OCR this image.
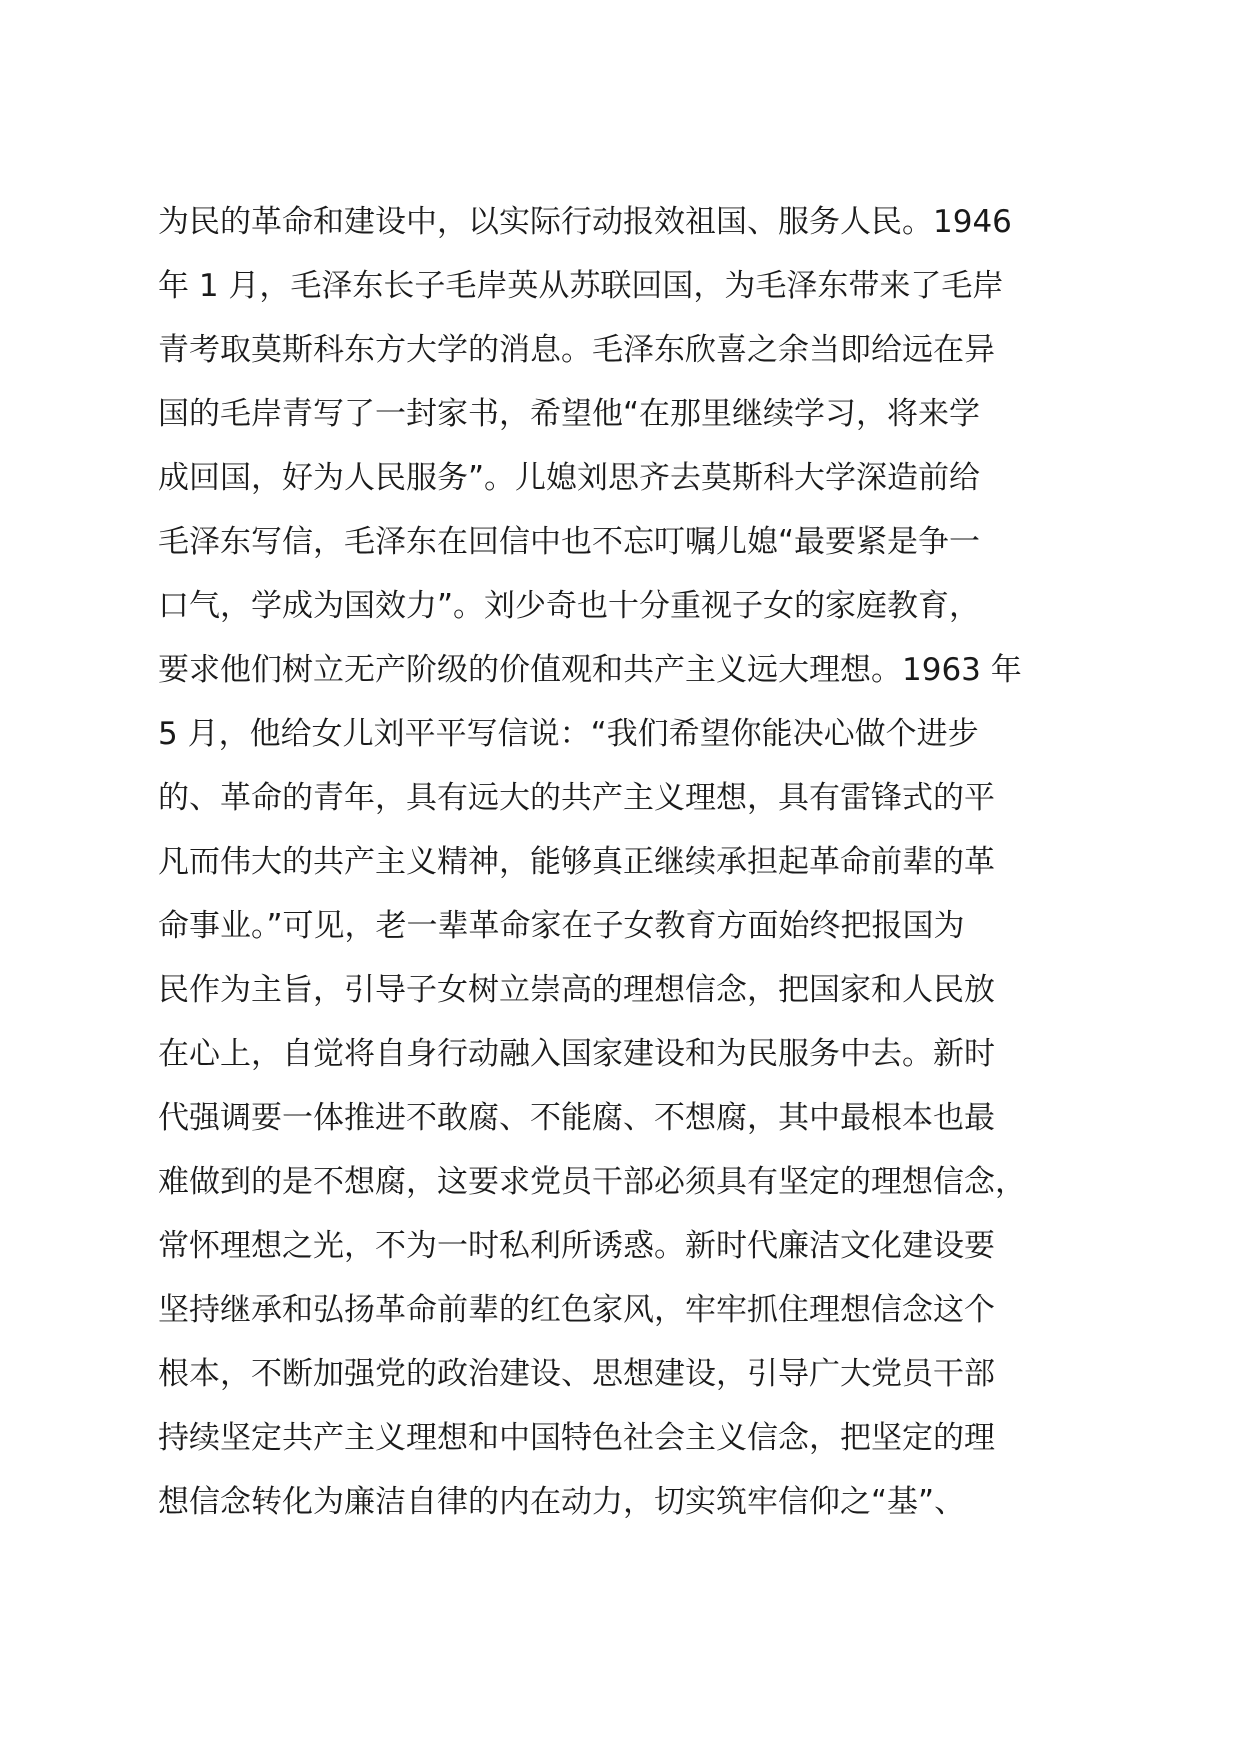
为民的革命和建设中，以实际行动报效祖国、服务人民。1946
年 1 月，毛泽东长子毛岸英从苏联回国，为毛泽东带来了毛岸
青考取莫斯科东方大学的消息。毛泽东欣喜之余当即给远在异
国的毛岸青写了一封家书，希望他“在那里继续学习，将来学
成回国，好为人民服务”。儿媳刘思齐去莫斯科大学深造前给
毛泽东写信，毛泽东在回信中也不忘叮嘱儿媳“最要紧是争一
口气，学成为国效力”。刘少奇也十分重视子女的家庭教育，
要求他们树立无产阶级的价值观和共产主义远大理想。1963 年
5 月，他给女儿刘平平写信说：“我们希望你能决心做个进步
的、革命的青年，具有远大的共产主义理想，具有雷锋式的平
凡而伟大的共产主义精神，能够真正继续承担起革命前辈的革
命事业。”可见，老一辈革命家在子女教育方面始终把报国为
民作为主旨，引导子女树立崇高的理想信念，把国家和人民放
在心上，自觉将自身行动融入国家建设和为民服务中去。新时
代强调要一体推进不敢腐、不能腐、不想腐，其中最根本也最
难做到的是不想腐，这要求党员干部必须具有坚定的理想信念，
常怀理想之光，不为一时私利所诱惑。新时代廉洁文化建设要
坚持继承和弘扬革命前辈的红色家风，牢牢抓住理想信念这个
根本，不断加强党的政治建设、思想建设，引导广大党员干部
持续坚定共产主义理想和中国特色社会主义信念，把坚定的理
想信念转化为廉洁自律的内在动力，切实筑牢信仰之“基”、
